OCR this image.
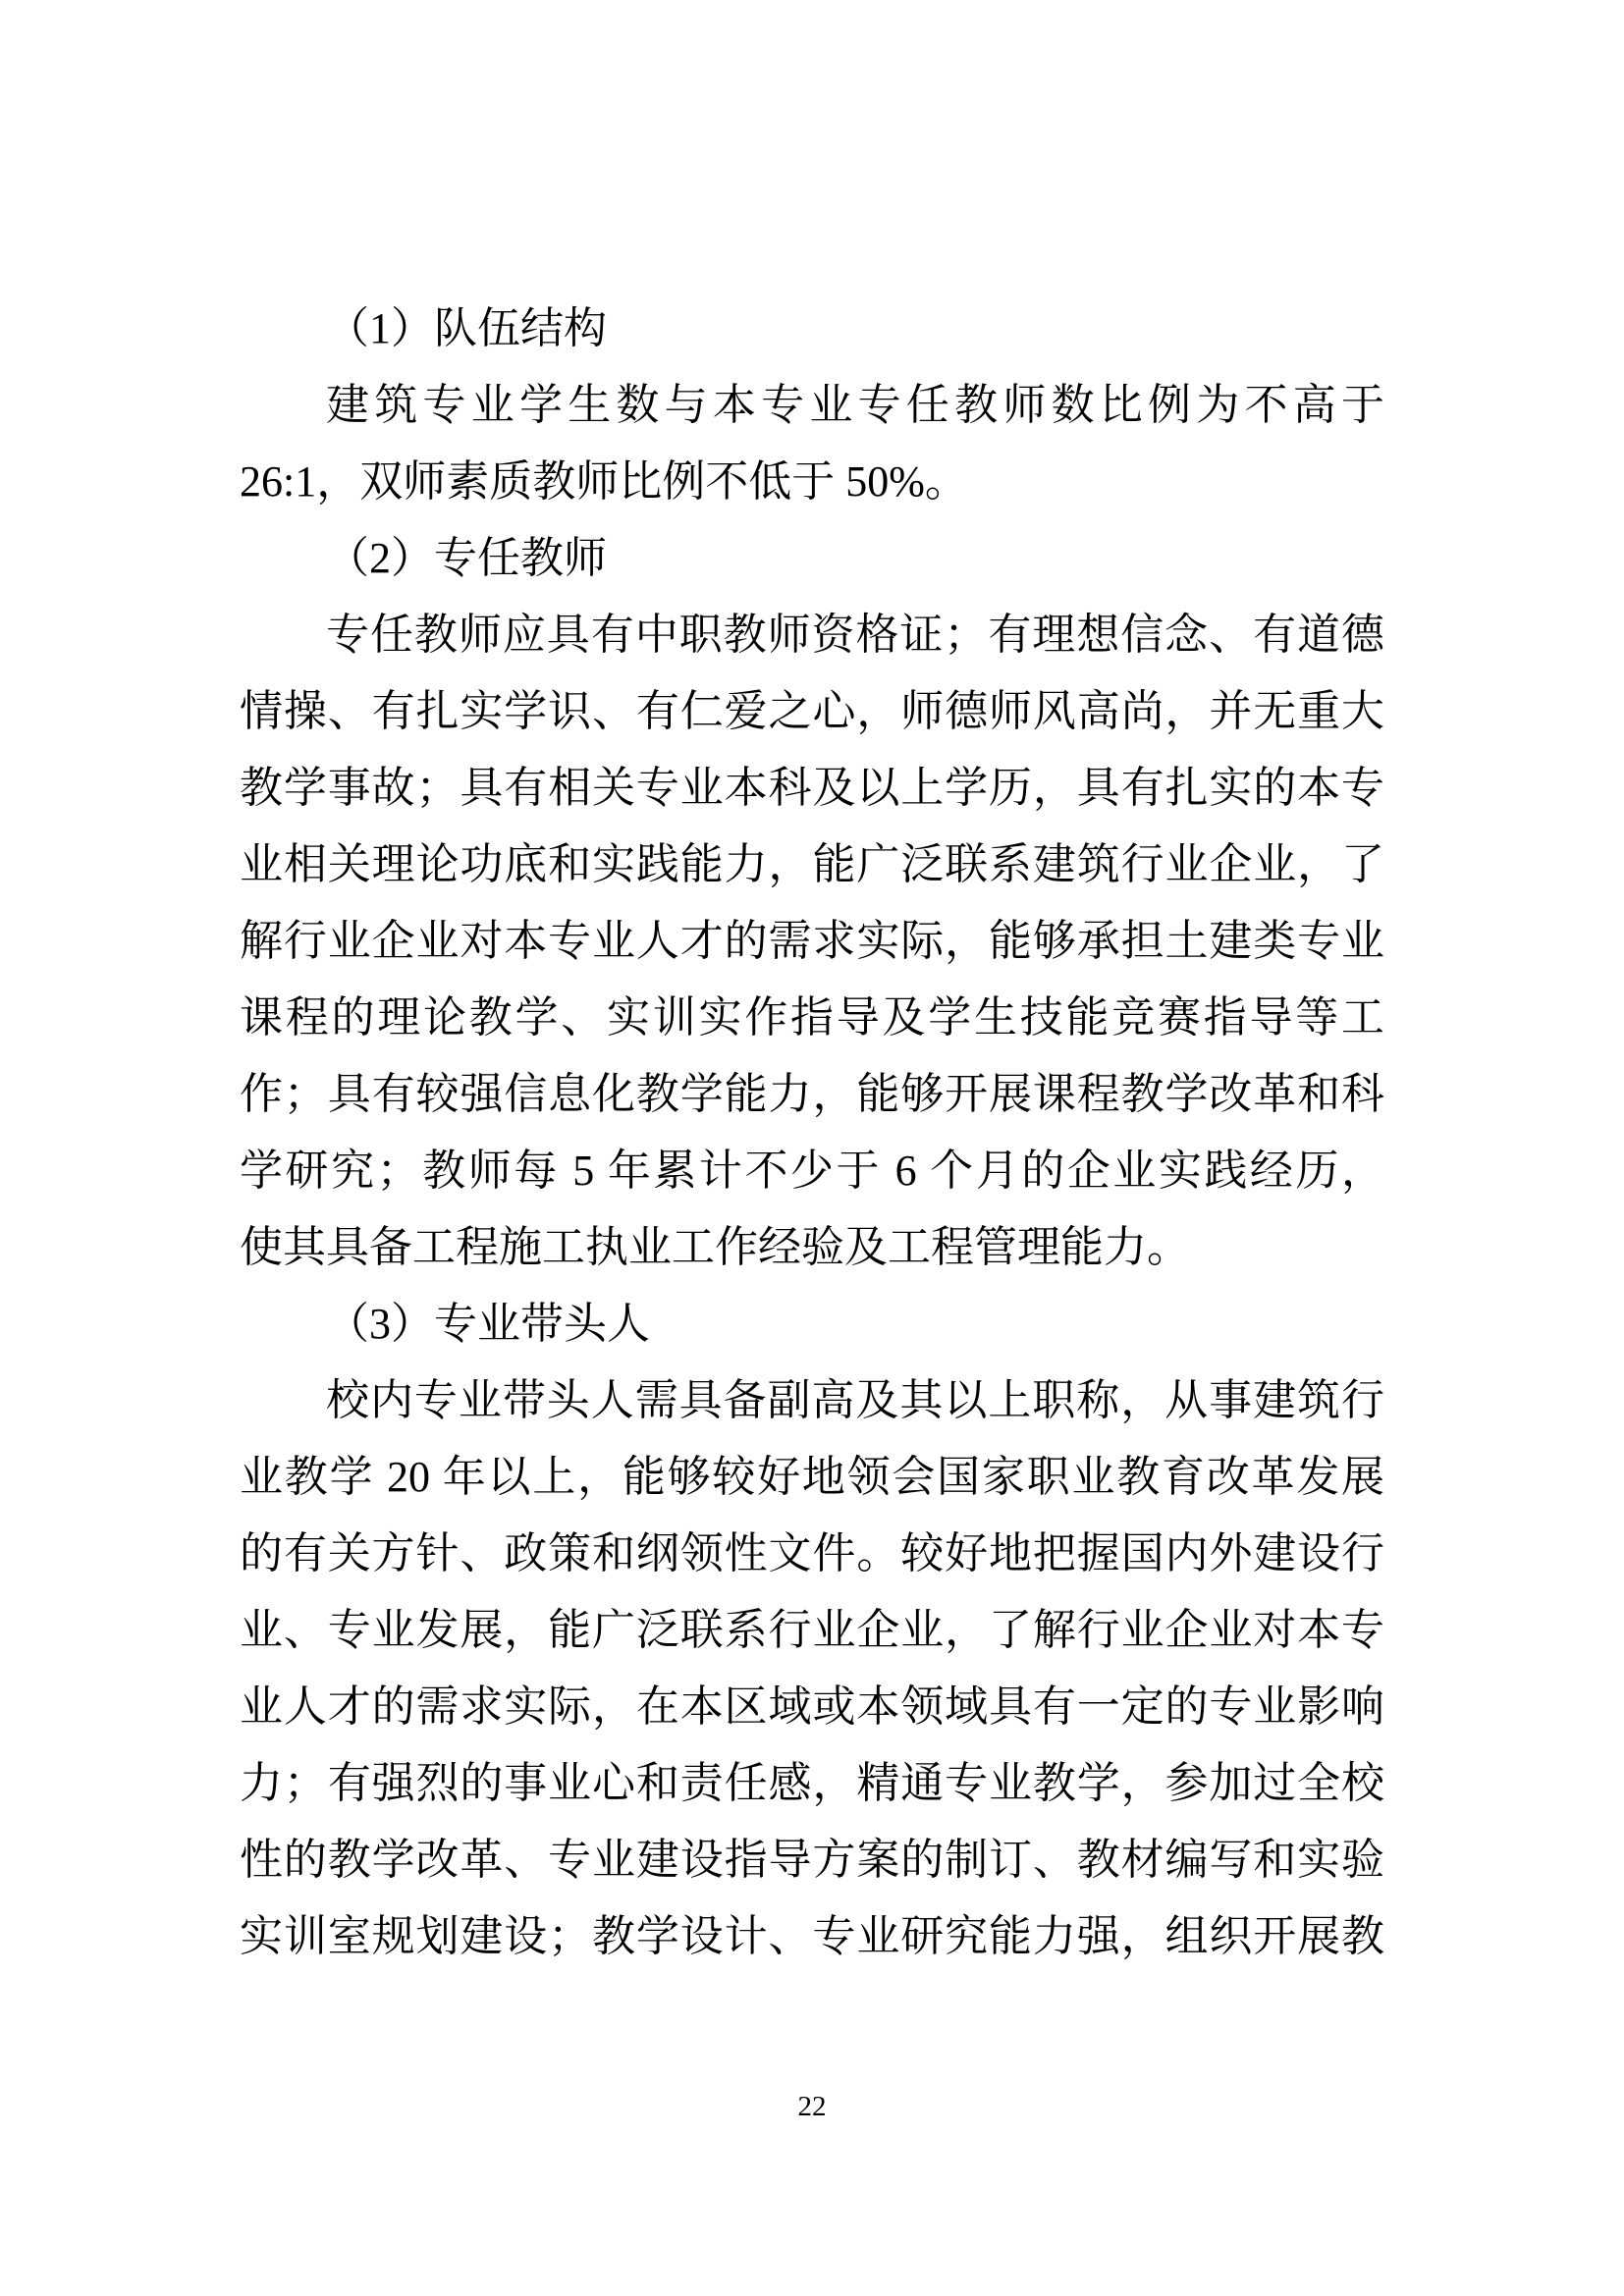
（1）队伍结构
建筑专业学生数与本专业专任教师数比例为不高于
26:1，双师素质教师比例不低于 50%。
（2）专任教师
专任教师应具有中职教师资格证；有理想信念、有道德
情操、有扎实学识、有仁爱之心，师德师风高尚，并无重大
教学事故；具有相关专业本科及以上学历，具有扎实的本专
业相关理论功底和实践能力，能广泛联系建筑行业企业，了
解行业企业对本专业人才的需求实际，能够承担土建类专业
课程的理论教学、实训实作指导及学生技能竞赛指导等工
作；具有较强信息化教学能力，能够开展课程教学改革和科
学研究；教师每 5 年累计不少于 6 个月的企业实践经历，
使其具备工程施工执业工作经验及工程管理能力。
（3）专业带头人
校内专业带头人需具备副高及其以上职称，从事建筑行
业教学 20 年以上，能够较好地领会国家职业教育改革发展
的有关方针、政策和纲领性文件。较好地把握国内外建设行
业、专业发展，能广泛联系行业企业，了解行业企业对本专
业人才的需求实际，在本区域或本领域具有一定的专业影响
力；有强烈的事业心和责任感，精通专业教学，参加过全校
性的教学改革、专业建设指导方案的制订、教材编写和实验
实训室规划建设；教学设计、专业研究能力强，组织开展教
22
